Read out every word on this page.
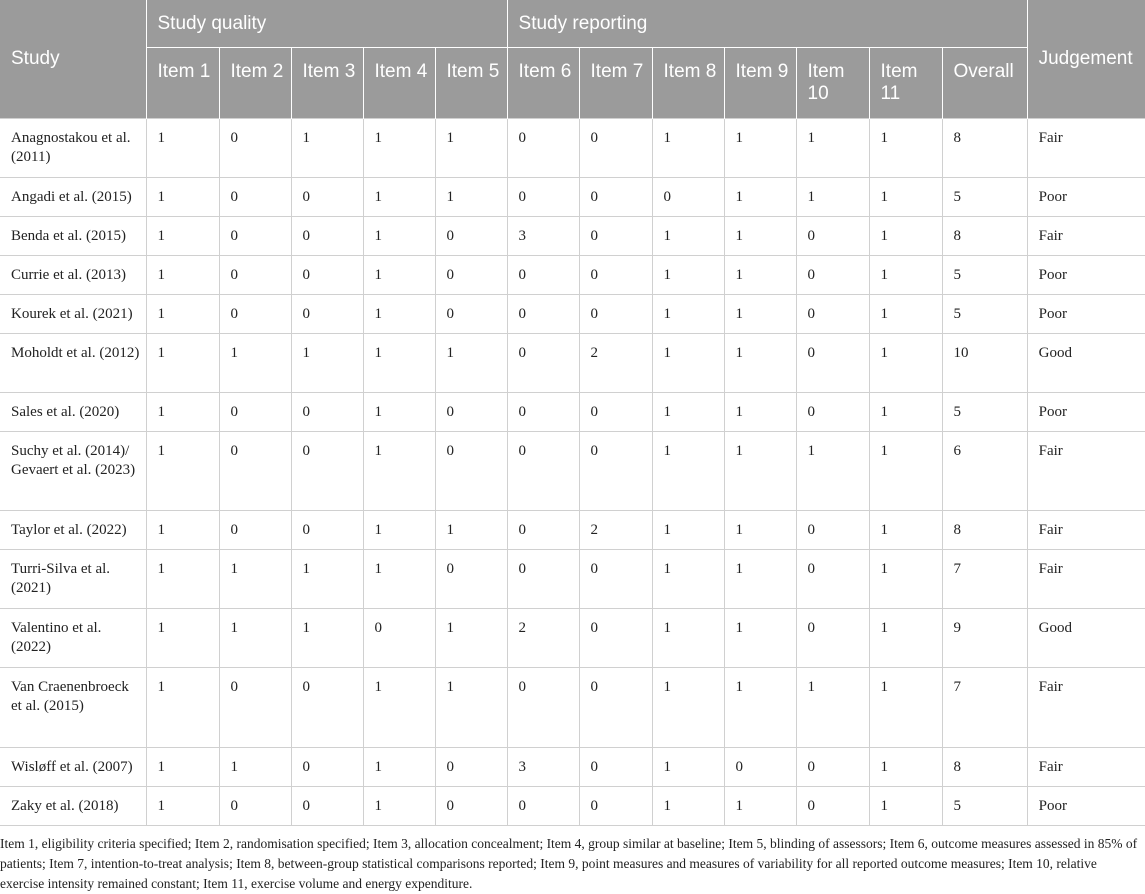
Study	Study quality					Study reporting							Judgement
	Item 1	Item 2	Item 3	Item 4	Item 5	Item 6	Item 7	Item 8	Item 9	Item 10	Item 11	Overall	
Anagnostakou et al. (2011)	1	0	1	1	1	0	0	1	1	1	1	8	Fair
Angadi et al. (2015)	1	0	0	1	1	0	0	0	1	1	1	5	Poor
Benda et al. (2015)	1	0	0	1	0	3	0	1	1	0	1	8	Fair
Currie et al. (2013)	1	0	0	1	0	0	0	1	1	0	1	5	Poor
Kourek et al. (2021)	1	0	0	1	0	0	0	1	1	0	1	5	Poor
Moholdt et al. (2012)	1	1	1	1	1	0	2	1	1	0	1	10	Good
Sales et al. (2020)	1	0	0	1	0	0	0	1	1	0	1	5	Poor
Suchy et al. (2014)/ Gevaert et al. (2023)	1	0	0	1	0	0	0	1	1	1	1	6	Fair
Taylor et al. (2022)	1	0	0	1	1	0	2	1	1	0	1	8	Fair
Turri-Silva et al. (2021)	1	1	1	1	0	0	0	1	1	0	1	7	Fair
Valentino et al. (2022)	1	1	1	0	1	2	0	1	1	0	1	9	Good
Van Craenenbroeck et al. (2015)	1	0	0	1	1	0	0	1	1	1	1	7	Fair
Wisløff et al. (2007)	1	1	0	1	0	3	0	1	0	0	1	8	Fair
Zaky et al. (2018)	1	0	0	1	0	0	0	1	1	0	1	5	Poor
Item 1, eligibility criteria specified; Item 2, randomisation specified; Item 3, allocation concealment; Item 4, group similar at baseline; Item 5, blinding of assessors; Item 6, outcome measures assessed in 85% of patients; Item 7, intention-to-treat analysis; Item 8, between-group statistical comparisons reported; Item 9, point measures and measures of variability for all reported outcome measures; Item 10, relative exercise intensity remained constant; Item 11, exercise volume and energy expenditure.
